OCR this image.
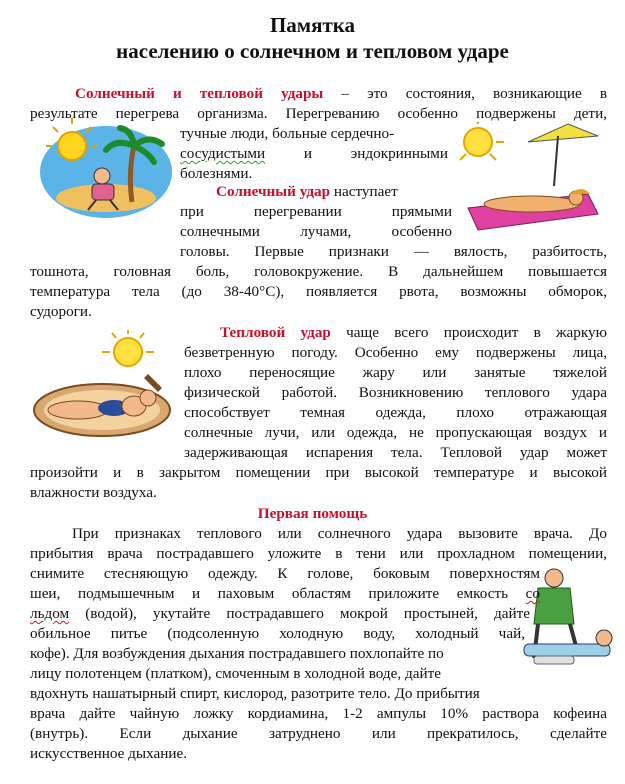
Памятка
населению о солнечном и тепловом ударе

Солнечный и тепловой удары – это состояния, возникающие в

результате перегрева организма. Перегреванию особенно подвержены дети,

тучные люди, больные сердечно-

сосудистыми и эндокринными

болезнями.

Солнечный удар наступает

при перегревании прямыми

солнечными лучами, особенно

головы. Первые признаки — вялость, разбитость,

тошнота, головная боль, головокружение. В дальнейшем повышается

температура тела (до 38-40°С), появляется рвота, возможны обморок,

судороги.

Тепловой удар чаще всего происходит в жаркую

безветренную погоду. Особенно ему подвержены лица,

плохо переносящие жару или занятые тяжелой

физической работой. Возникновению теплового удара

способствует темная одежда, плохо отражающая

солнечные лучи, или одежда, не пропускающая воздух и

задерживающая испарения тела. Тепловой удар может

произойти и в закрытом помещении при высокой температуре и высокой

влажности воздуха.

Первая помощь

При признаках теплового или солнечного удара вызовите врача. До

прибытия врача пострадавшего уложите в тени или прохладном помещении,

снимите стесняющую одежду. К голове, боковым поверхностям

шеи, подмышечным и паховым областям приложите емкость со

льдом (водой), укутайте пострадавшего мокрой простыней, дайте

обильное питье (подсоленную холодную воду, холодный чай,

кофе). Для возбуждения дыхания пострадавшего похлопайте по

лицу полотенцем (платком), смоченным в холодной воде, дайте

вдохнуть нашатырный спирт, кислород, разотрите тело. До прибытия

врача дайте чайную ложку кордиамина, 1-2 ампулы 10% раствора кофеина

(внутрь). Если дыхание затруднено или прекратилось, сделайте

искусственное дыхание.
